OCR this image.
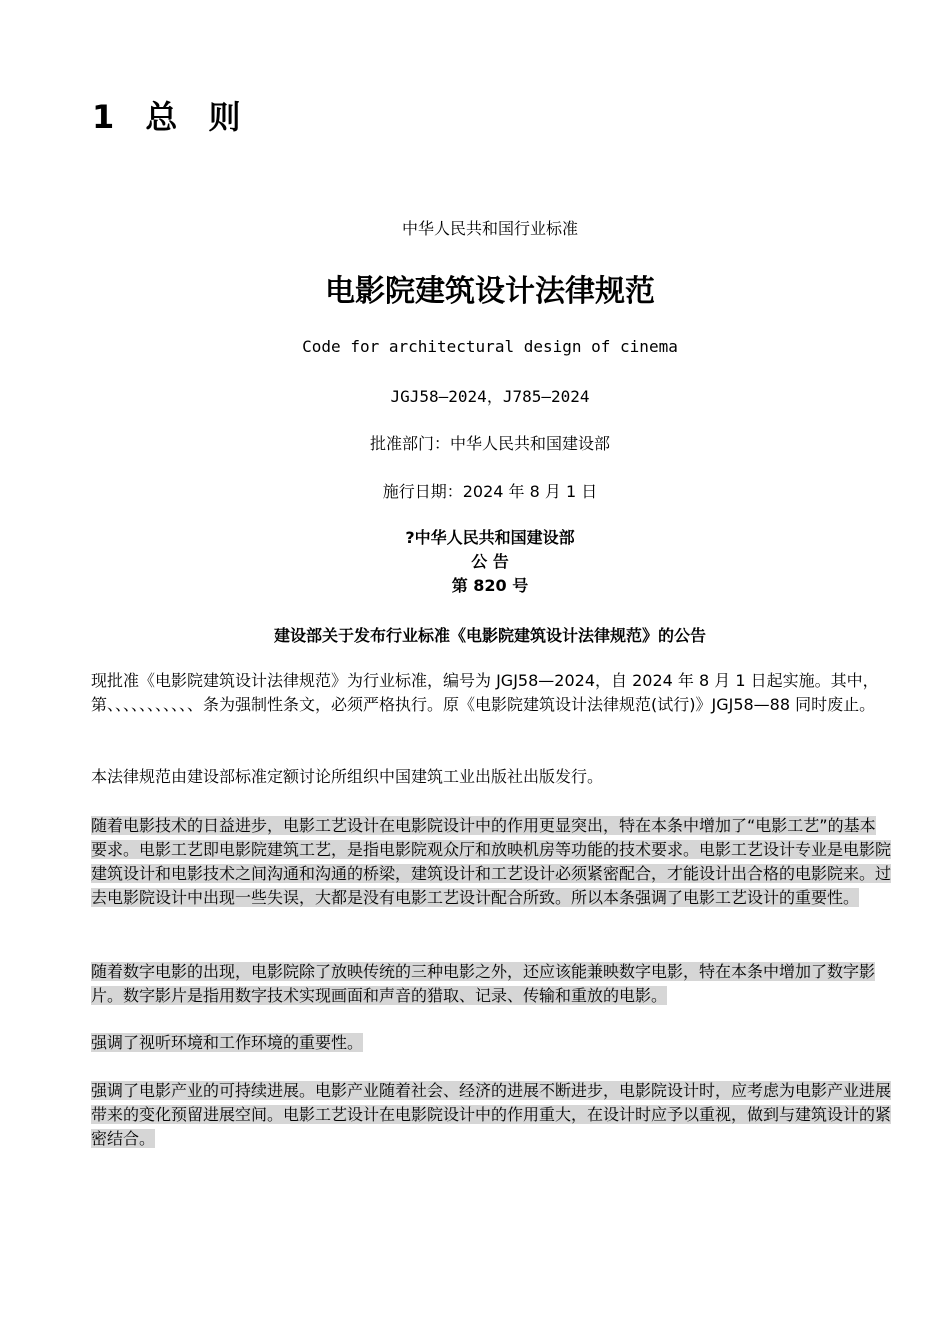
1 总 则
中华人民共和国行业标准
电影院建筑设计法律规范
Code for architectural design of cinema
JGJ58—2024，J785—2024
批准部门：中华人民共和国建设部
施行日期：2024 年 8 月 1 日
?中华人民共和国建设部
公 告
第 820 号
建设部关于发布行业标准《电影院建筑设计法律规范》的公告

现批准《电影院建筑设计法律规范》为行业标准，编号为 JGJ58—2024，自 2024 年 8 月 1 日起实施。其中，第、、、、、、、、、、、条为强制性条文，必须严格执行。原《电影院建筑设计法律规范(试行)》JGJ58—88 同时废止。

本法律规范由建设部标准定额讨论所组织中国建筑工业出版社出版发行。

随着电影技术的日益进步，电影工艺设计在电影院设计中的作用更显突出，特在本条中增加了“电影工艺”的基本要求。电影工艺即电影院建筑工艺，是指电影院观众厅和放映机房等功能的技术要求。电影工艺设计专业是电影院建筑设计和电影技术之间沟通和沟通的桥梁，建筑设计和工艺设计必须紧密配合，才能设计出合格的电影院来。过去电影院设计中出现一些失误，大都是没有电影工艺设计配合所致。所以本条强调了电影工艺设计的重要性。

随着数字电影的出现，电影院除了放映传统的三种电影之外，还应该能兼映数字电影，特在本条中增加了数字影片。数字影片是指用数字技术实现画面和声音的猎取、记录、传输和重放的电影。

强调了视听环境和工作环境的重要性。

强调了电影产业的可持续进展。电影产业随着社会、经济的进展不断进步，电影院设计时，应考虑为电影产业进展带来的变化预留进展空间。电影工艺设计在电影院设计中的作用重大，在设计时应予以重视，做到与建筑设计的紧密结合。
